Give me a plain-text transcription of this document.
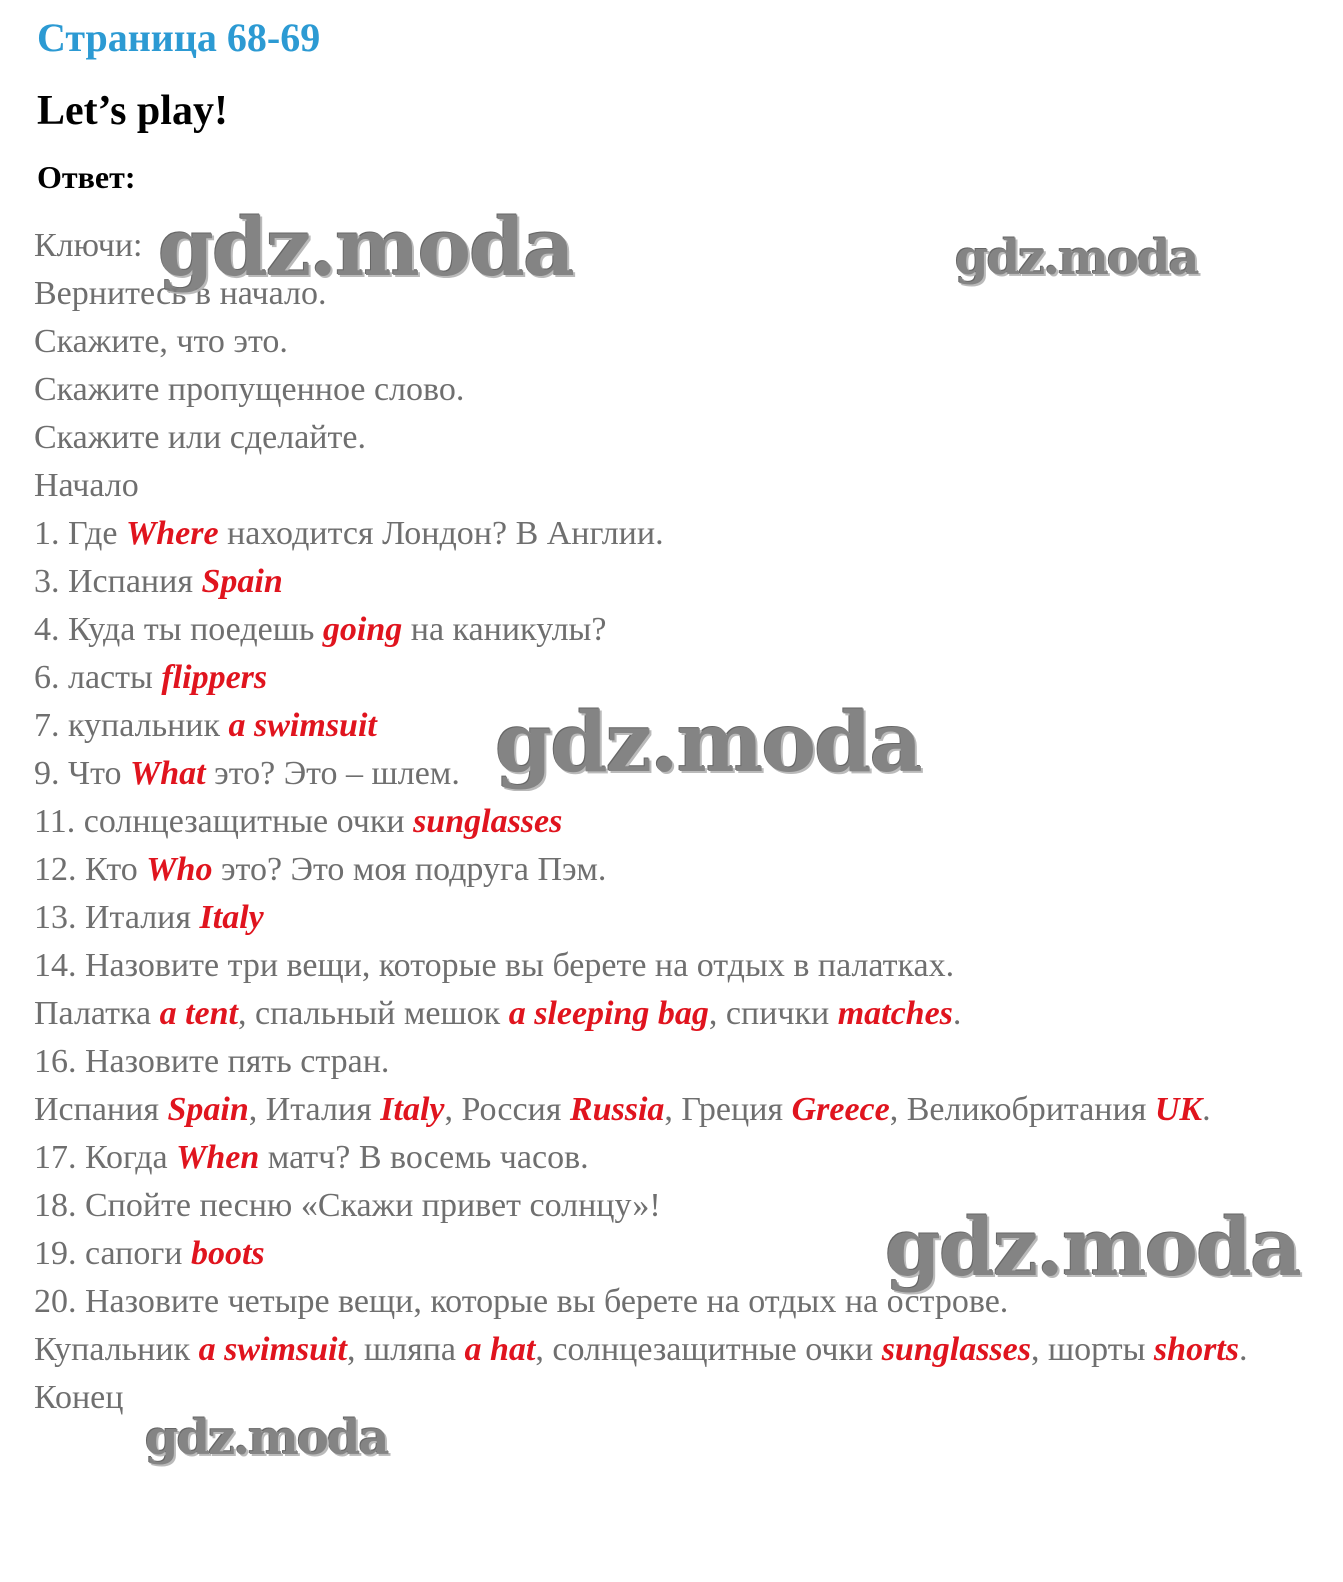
Страница 68-69
Let’s play!
Ответ:
Ключи:
Вернитесь в начало.
Скажите, что это.
Скажите пропущенное слово.
Скажите или сделайте.
Начало
1. Где Where находится Лондон? В Англии.
3. Испания Spain
4. Куда ты поедешь going на каникулы?
6. ласты flippers
7. купальник a swimsuit
9. Что What это? Это – шлем.
11. солнцезащитные очки sunglasses
12. Кто Who это? Это моя подруга Пэм.
13. Италия Italy
14. Назовите три вещи, которые вы берете на отдых в палатках.
Палатка a tent, спальный мешок a sleeping bag, спички matches.
16. Назовите пять стран.
Испания Spain, Италия Italy, Россия Russia, Греция Greece, Великобритания UK.
17. Когда When матч? В восемь часов.
18. Спойте песню «Скажи привет солнцу»!
19. сапоги boots
20. Назовите четыре вещи, которые вы берете на отдых на острове.
Купальник a swimsuit, шляпа a hat, солнцезащитные очки sunglasses, шорты shorts.
Конец
gdz.moda	gdz.moda
gdz.moda
gdz.moda
gdz.moda
